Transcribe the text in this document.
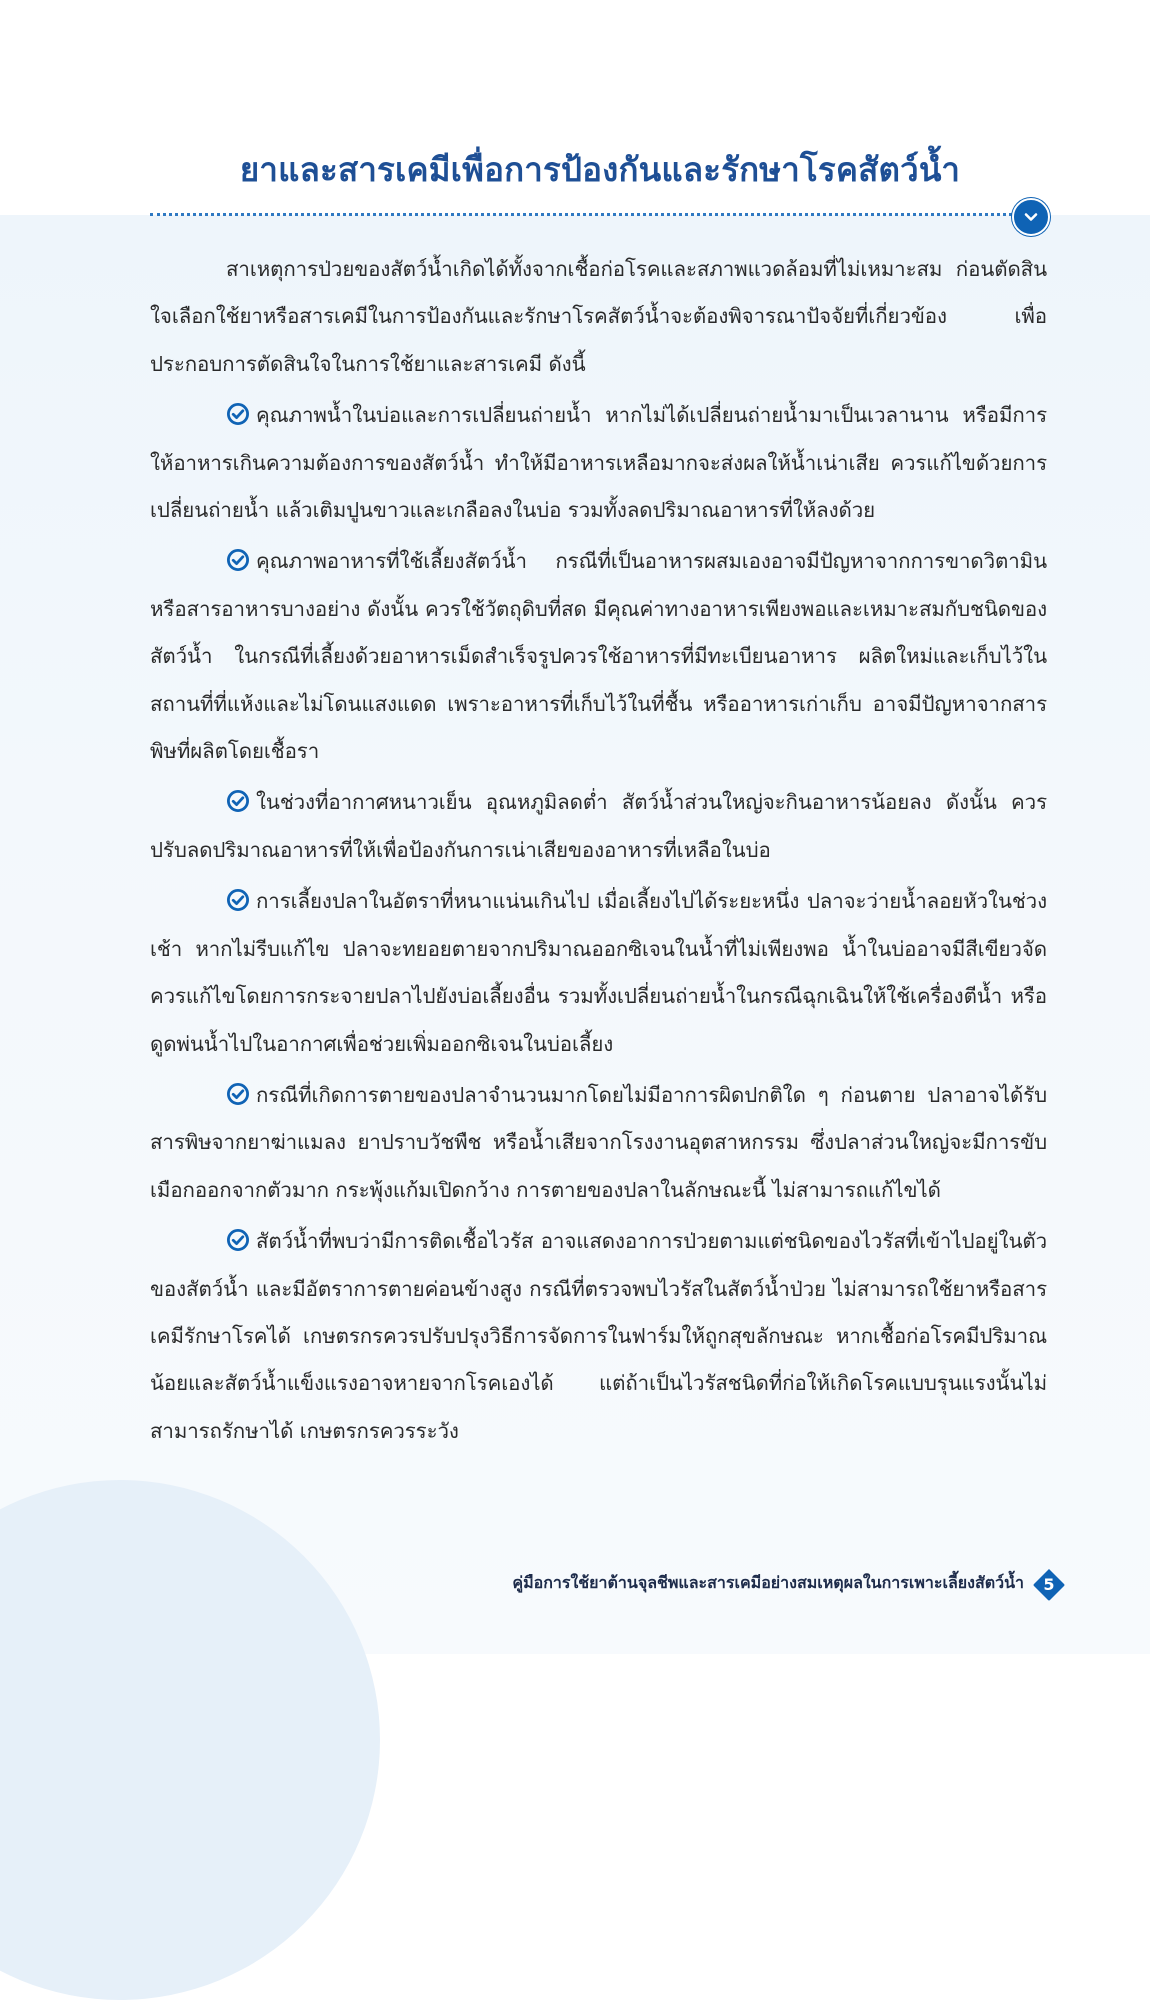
ยาและสารเคมีเพื่อการป้องกันและรักษาโรคสัตว์น้ำ

สาเหตุการป่วยของสัตว์น้ำเกิดได้ทั้งจากเชื้อก่อโรคและสภาพแวดล้อมที่ไม่เหมาะสม ก่อนตัดสินใจเลือกใช้ยาหรือสารเคมีในการป้องกันและรักษาโรคสัตว์น้ำจะต้องพิจารณาปัจจัยที่เกี่ยวข้อง เพื่อประกอบการตัดสินใจในการใช้ยาและสารเคมี ดังนี้

คุณภาพน้ำในบ่อและการเปลี่ยนถ่ายน้ำ หากไม่ได้เปลี่ยนถ่ายน้ำมาเป็นเวลานาน หรือมีการให้อาหารเกินความต้องการของสัตว์น้ำ ทำให้มีอาหารเหลือมากจะส่งผลให้น้ำเน่าเสีย ควรแก้ไขด้วยการเปลี่ยนถ่ายน้ำ แล้วเติมปูนขาวและเกลือลงในบ่อ รวมทั้งลดปริมาณอาหารที่ให้ลงด้วย

คุณภาพอาหารที่ใช้เลี้ยงสัตว์น้ำ กรณีที่เป็นอาหารผสมเองอาจมีปัญหาจากการขาดวิตามินหรือสารอาหารบางอย่าง ดังนั้น ควรใช้วัตถุดิบที่สด มีคุณค่าทางอาหารเพียงพอและเหมาะสมกับชนิดของสัตว์น้ำ ในกรณีที่เลี้ยงด้วยอาหารเม็ดสำเร็จรูปควรใช้อาหารที่มีทะเบียนอาหาร ผลิตใหม่และเก็บไว้ในสถานที่ที่แห้งและไม่โดนแสงแดด เพราะอาหารที่เก็บไว้ในที่ชื้น หรืออาหารเก่าเก็บ อาจมีปัญหาจากสารพิษที่ผลิตโดยเชื้อรา

ในช่วงที่อากาศหนาวเย็น อุณหภูมิลดต่ำ สัตว์น้ำส่วนใหญ่จะกินอาหารน้อยลง ดังนั้น ควรปรับลดปริมาณอาหารที่ให้เพื่อป้องกันการเน่าเสียของอาหารที่เหลือในบ่อ

การเลี้ยงปลาในอัตราที่หนาแน่นเกินไป เมื่อเลี้ยงไปได้ระยะหนึ่ง ปลาจะว่ายน้ำลอยหัวในช่วงเช้า หากไม่รีบแก้ไข ปลาจะทยอยตายจากปริมาณออกซิเจนในน้ำที่ไม่เพียงพอ น้ำในบ่ออาจมีสีเขียวจัด ควรแก้ไขโดยการกระจายปลาไปยังบ่อเลี้ยงอื่น รวมทั้งเปลี่ยนถ่ายน้ำในกรณีฉุกเฉินให้ใช้เครื่องตีน้ำ หรือดูดพ่นน้ำไปในอากาศเพื่อช่วยเพิ่มออกซิเจนในบ่อเลี้ยง

กรณีที่เกิดการตายของปลาจำนวนมากโดยไม่มีอาการผิดปกติใด ๆ ก่อนตาย ปลาอาจได้รับสารพิษจากยาฆ่าแมลง ยาปราบวัชพืช หรือน้ำเสียจากโรงงานอุตสาหกรรม ซึ่งปลาส่วนใหญ่จะมีการขับเมือกออกจากตัวมาก กระพุ้งแก้มเปิดกว้าง การตายของปลาในลักษณะนี้ ไม่สามารถแก้ไขได้

สัตว์น้ำที่พบว่ามีการติดเชื้อไวรัส อาจแสดงอาการป่วยตามแต่ชนิดของไวรัสที่เข้าไปอยู่ในตัวของสัตว์น้ำ และมีอัตราการตายค่อนข้างสูง กรณีที่ตรวจพบไวรัสในสัตว์น้ำป่วย ไม่สามารถใช้ยาหรือสารเคมีรักษาโรคได้ เกษตรกรควรปรับปรุงวิธีการจัดการในฟาร์มให้ถูกสุขลักษณะ หากเชื้อก่อโรคมีปริมาณน้อยและสัตว์น้ำแข็งแรงอาจหายจากโรคเองได้ แต่ถ้าเป็นไวรัสชนิดที่ก่อให้เกิดโรคแบบรุนแรงนั้นไม่สามารถรักษาได้ เกษตรกรควรระวัง

คู่มือการใช้ยาต้านจุลชีพและสารเคมีอย่างสมเหตุผลในการเพาะเลี้ยงสัตว์น้ำ	5
